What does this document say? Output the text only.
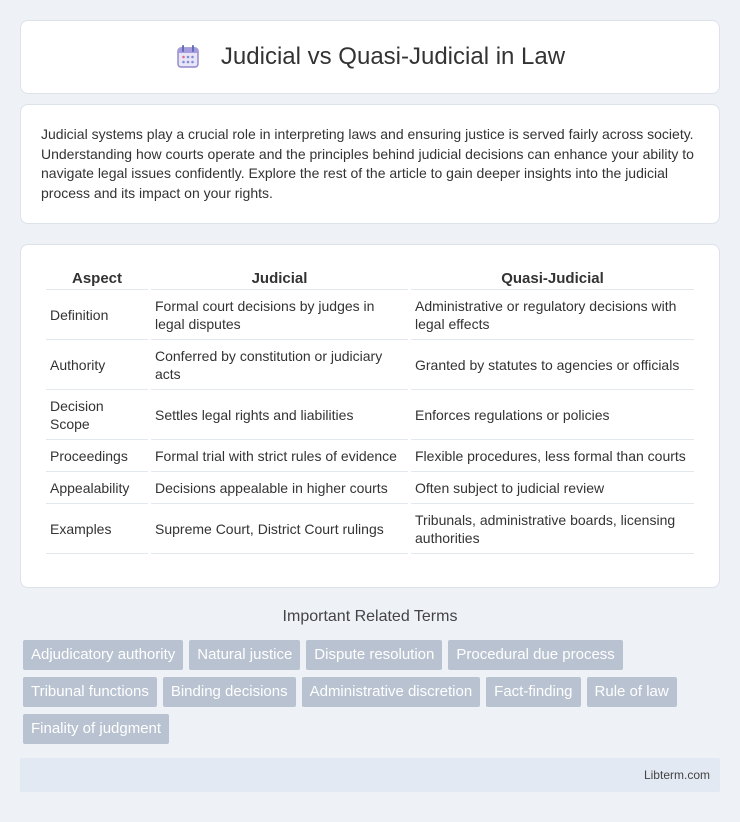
Judicial vs Quasi-Judicial in Law

Judicial systems play a crucial role in interpreting laws and ensuring justice is served fairly across society. Understanding how courts operate and the principles behind judicial decisions can enhance your ability to navigate legal issues confidently. Explore the rest of the article to gain deeper insights into the judicial process and its impact on your rights.

Aspect	Judicial	Quasi-Judicial
Definition	Formal court decisions by judges in legal disputes	Administrative or regulatory decisions with legal effects
Authority	Conferred by constitution or judiciary acts	Granted by statutes to agencies or officials
Decision Scope	Settles legal rights and liabilities	Enforces regulations or policies
Proceedings	Formal trial with strict rules of evidence	Flexible procedures, less formal than courts
Appealability	Decisions appealable in higher courts	Often subject to judicial review
Examples	Supreme Court, District Court rulings	Tribunals, administrative boards, licensing authorities
Important Related Terms
Adjudicatory authority	Natural justice	Dispute resolution	Procedural due process
Tribunal functions	Binding decisions	Administrative discretion	Fact-finding	Rule of law
Finality of judgment
Libterm.com
